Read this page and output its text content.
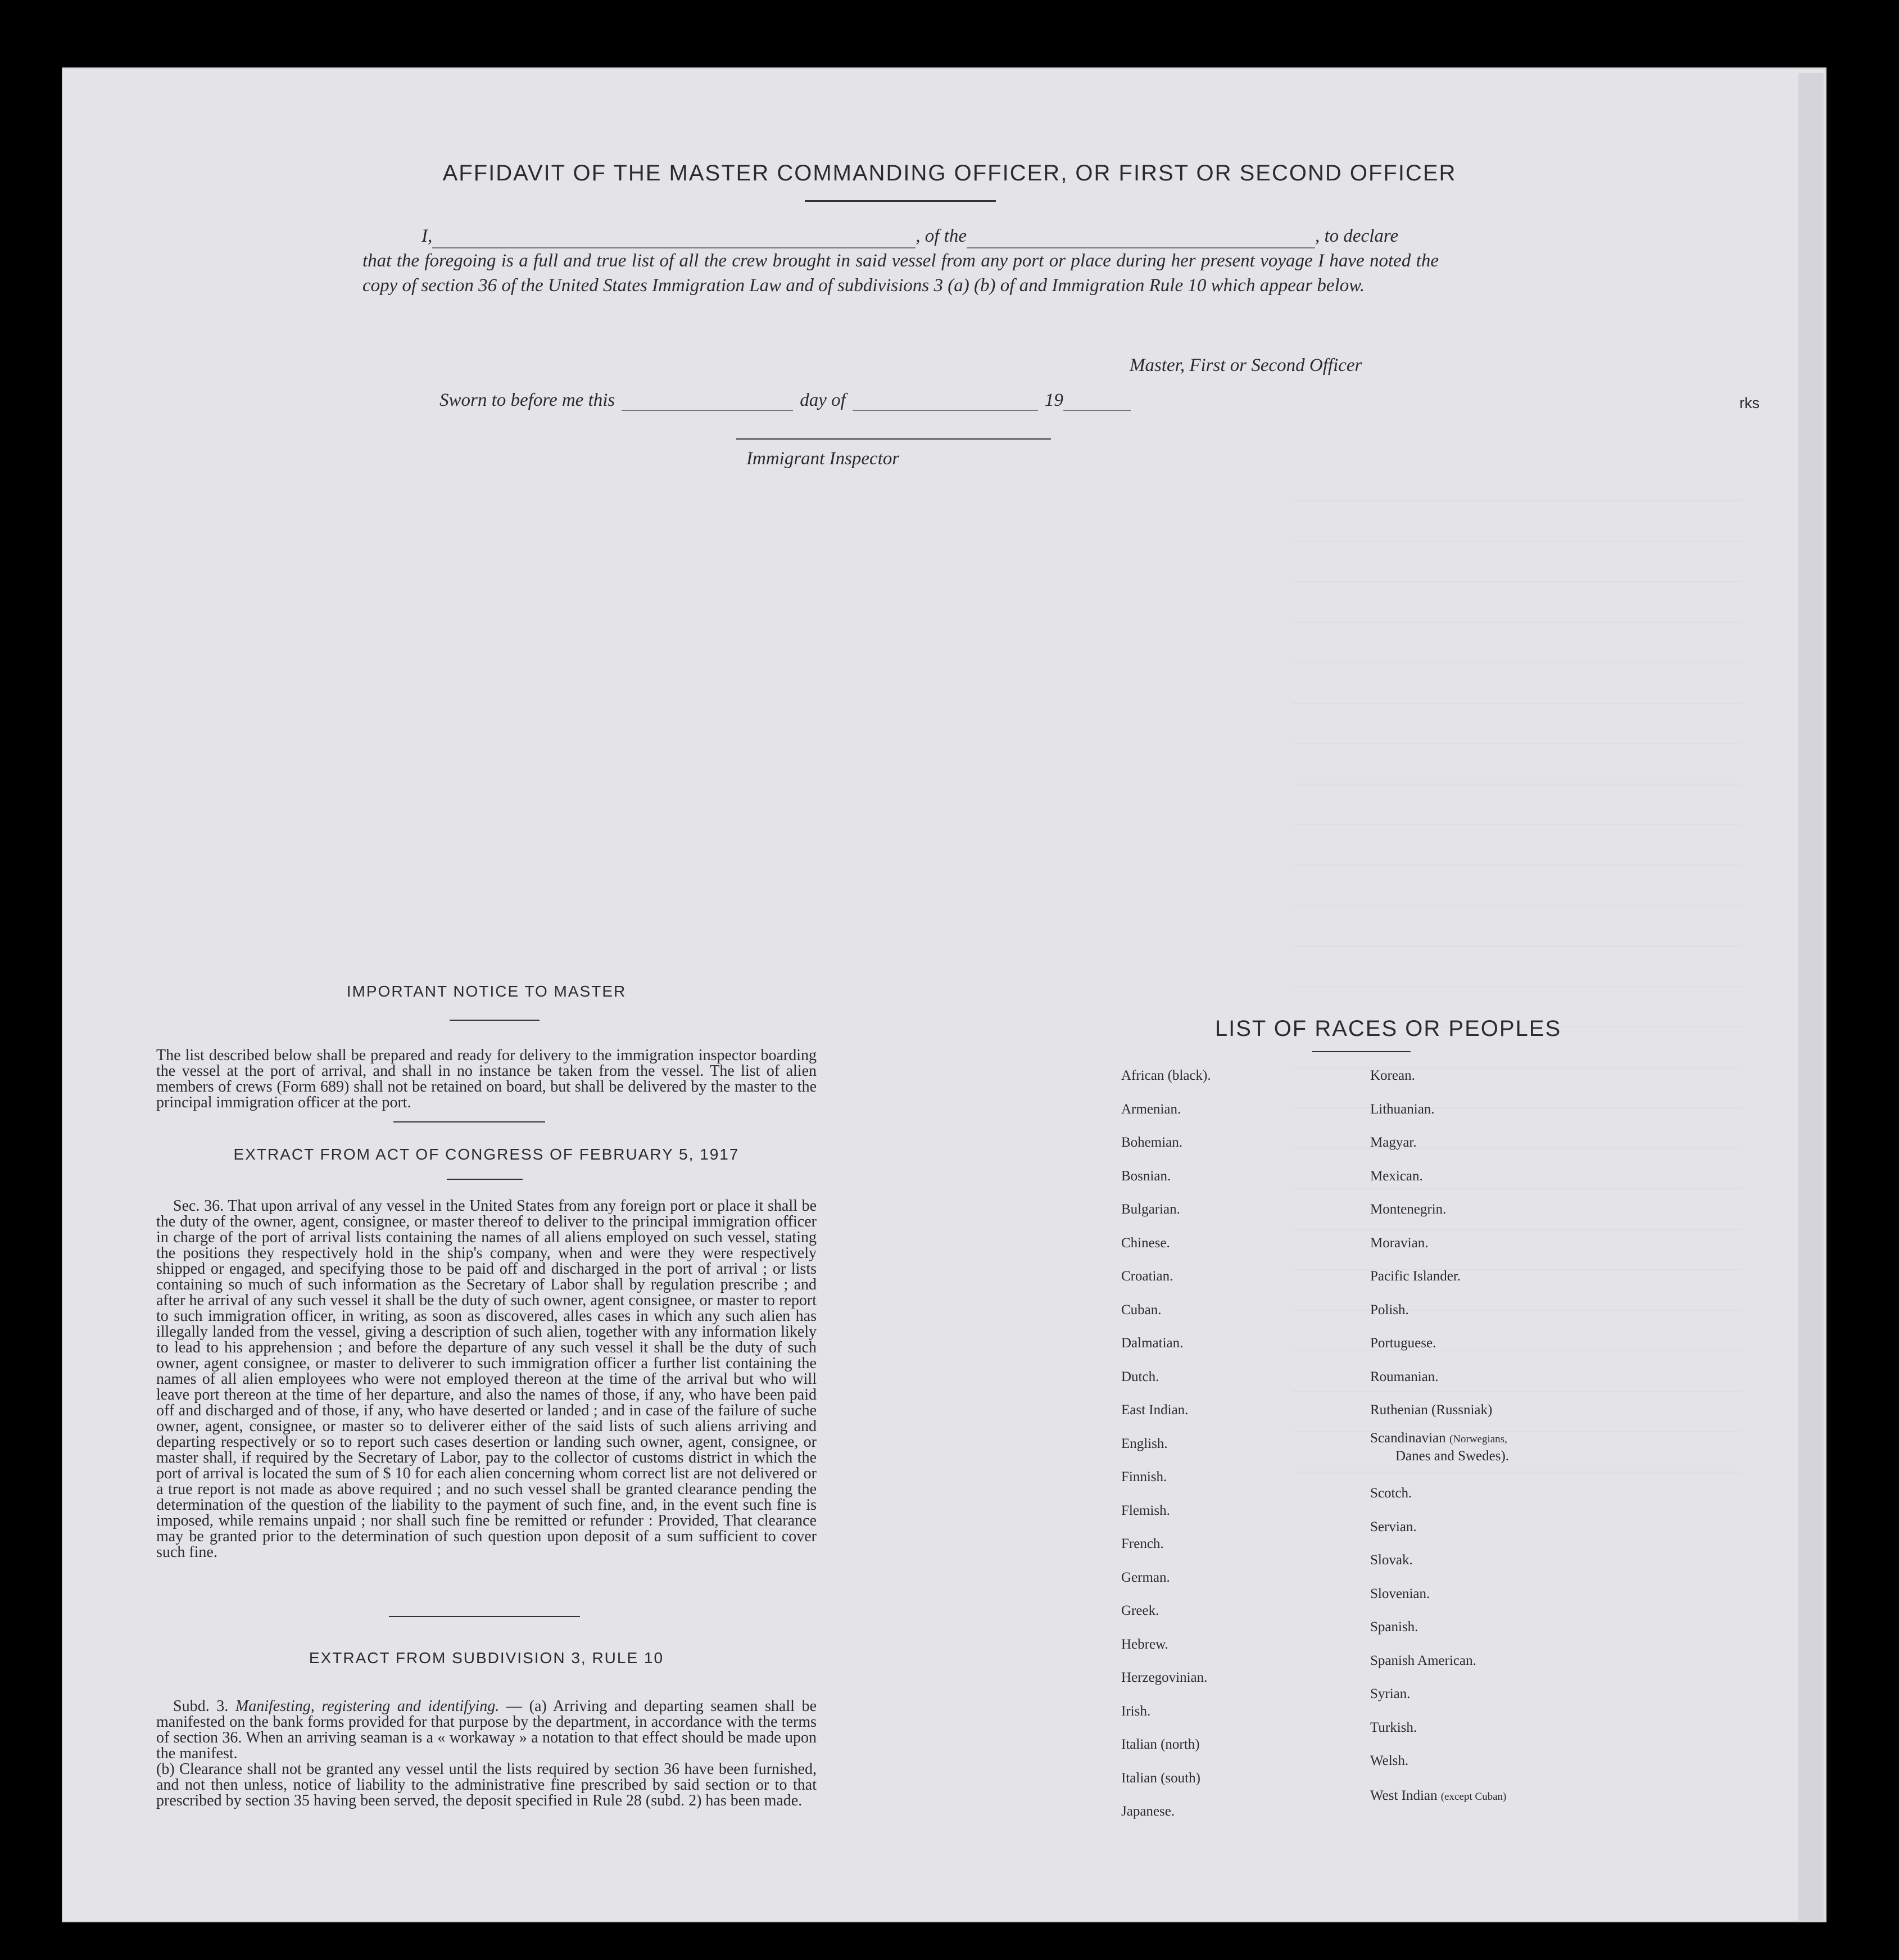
AFFIDAVIT OF THE MASTER COMMANDING OFFICER, OR FIRST OR SECOND OFFICER

I,	, of the	, to declare

that the foregoing is a full and true list of all the crew brought in said vessel from any port or place during her present voyage I have noted the copy of section 36 of the United States Immigration Law and of subdivisions 3 (a) (b) of and Immigration Rule 10 which appear below.

Master, First or Second Officer
Sworn to before me this	day of	19
Immigrant Inspector
rks
IMPORTANT NOTICE TO MASTER
The list described below shall be prepared and ready for delivery to the immigration inspector boarding the vessel at the port of arrival, and shall in no instance be taken from the vessel. The list of alien members of crews (Form 689) shall not be retained on board, but shall be delivered by the master to the principal immigration officer at the port.
EXTRACT FROM ACT OF CONGRESS OF FEBRUARY 5, 1917
Sec. 36. That upon arrival of any vessel in the United States from any foreign port or place it shall be the duty of the owner, agent, consignee, or master thereof to deliver to the principal immigration officer in charge of the port of arrival lists containing the names of all aliens employed on such vessel, stating the positions they respectively hold in the ship's company, when and were they were respectively shipped or engaged, and specifying those to be paid off and discharged in the port of arrival ; or lists containing so much of such information as the Secretary of Labor shall by regulation prescribe ; and after he arrival of any such vessel it shall be the duty of such owner, agent consignee, or master to report to such immigration officer, in writing, as soon as discovered, alles cases in which any such alien has illegally landed from the vessel, giving a description of such alien, together with any information likely to lead to his apprehension ; and before the departure of any such vessel it shall be the duty of such owner, agent consignee, or master to deliverer to such immigration officer a further list containing the names of all alien employees who were not employed thereon at the time of the arrival but who will leave port thereon at the time of her departure, and also the names of those, if any, who have been paid off and discharged and of those, if any, who have deserted or landed ; and in case of the failure of suche owner, agent, consignee, or master so to deliverer either of the said lists of such aliens arriving and departing respectively or so to report such cases desertion or landing such owner, agent, consignee, or master shall, if required by the Secretary of Labor, pay to the collector of customs district in which the port of arrival is located the sum of $ 10 for each alien concerning whom correct list are not delivered or a true report is not made as above required ; and no such vessel shall be granted clearance pending the determination of the question of the liability to the payment of such fine, and, in the event such fine is imposed, while remains unpaid ; nor shall such fine be remitted or refunder : Provided, That clearance may be granted prior to the determination of such question upon deposit of a sum sufficient to cover such fine.
EXTRACT FROM SUBDIVISION 3, RULE 10
Subd. 3. Manifesting, registering and identifying. — (a) Arriving and departing seamen shall be manifested on the bank forms provided for that purpose by the department, in accordance with the terms of section 36. When an arriving seaman is a « workaway » a notation to that effect should be made upon the manifest.
(b) Clearance shall not be granted any vessel until the lists required by section 36 have been furnished, and not then unless, notice of liability to the administrative fine prescribed by said section or to that prescribed by section 35 having been served, the deposit specified in Rule 28 (subd. 2) has been made.
LIST OF RACES OR PEOPLES
African (black).
Armenian.
Bohemian.
Bosnian.
Bulgarian.
Chinese.
Croatian.
Cuban.
Dalmatian.
Dutch.
East Indian.
English.
Finnish.
Flemish.
French.
German.
Greek.
Hebrew.
Herzegovinian.
Irish.
Italian (north)
Italian (south)
Japanese.
Korean.
Lithuanian.
Magyar.
Mexican.
Montenegrin.
Moravian.
Pacific Islander.
Polish.
Portuguese.
Roumanian.
Ruthenian (Russniak)
Scandinavian (Norwegians,
Danes and Swedes).
Scotch.
Servian.
Slovak.
Slovenian.
Spanish.
Spanish American.
Syrian.
Turkish.
Welsh.
West Indian (except Cuban)
